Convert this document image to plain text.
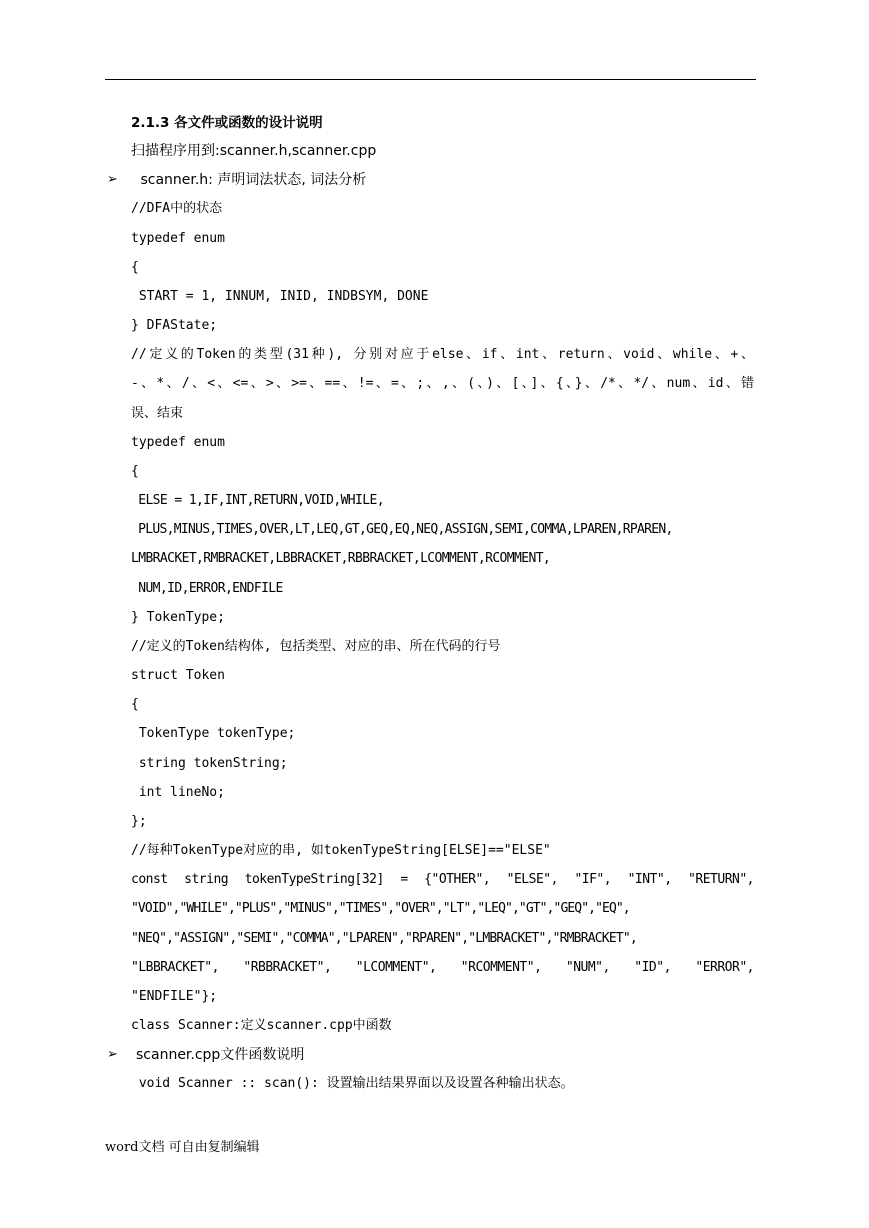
2.1.3 各文件或函数的设计说明
扫描程序用到:scanner.h,scanner.cpp
➢ scanner.h: 声明词法状态, 词法分析
//DFA中的状态
typedef enum
{
START = 1, INNUM, INID, INDBSYM, DONE
} DFAState;
//定义的Token的类型(31种), 分别对应于else、if、int、return、void、while、+、
-、*、/、<、<=、>、>=、==、!=、=、;、,、(、)、[、]、{、}、/*、*/、num、id、错
误、结束
typedef enum
{
ELSE = 1,IF,INT,RETURN,VOID,WHILE,
PLUS,MINUS,TIMES,OVER,LT,LEQ,GT,GEQ,EQ,NEQ,ASSIGN,SEMI,COMMA,LPAREN,RPAREN,
LMBRACKET,RMBRACKET,LBBRACKET,RBBRACKET,LCOMMENT,RCOMMENT,
NUM,ID,ERROR,ENDFILE
} TokenType;
//定义的Token结构体, 包括类型、对应的串、所在代码的行号
struct Token
{
TokenType tokenType;
string tokenString;
int lineNo;
};
//每种TokenType对应的串, 如tokenTypeString[ELSE]=="ELSE"
const string tokenTypeString[32] = {"OTHER", "ELSE", "IF", "INT", "RETURN",
"VOID","WHILE","PLUS","MINUS","TIMES","OVER","LT","LEQ","GT","GEQ","EQ",
"NEQ","ASSIGN","SEMI","COMMA","LPAREN","RPAREN","LMBRACKET","RMBRACKET",
"LBBRACKET", "RBBRACKET", "LCOMMENT", "RCOMMENT", "NUM", "ID", "ERROR",
"ENDFILE"};
class Scanner:定义scanner.cpp中函数
➢ scanner.cpp文件函数说明
void Scanner :: scan(): 设置输出结果界面以及设置各种输出状态。
word文档 可自由复制编辑
